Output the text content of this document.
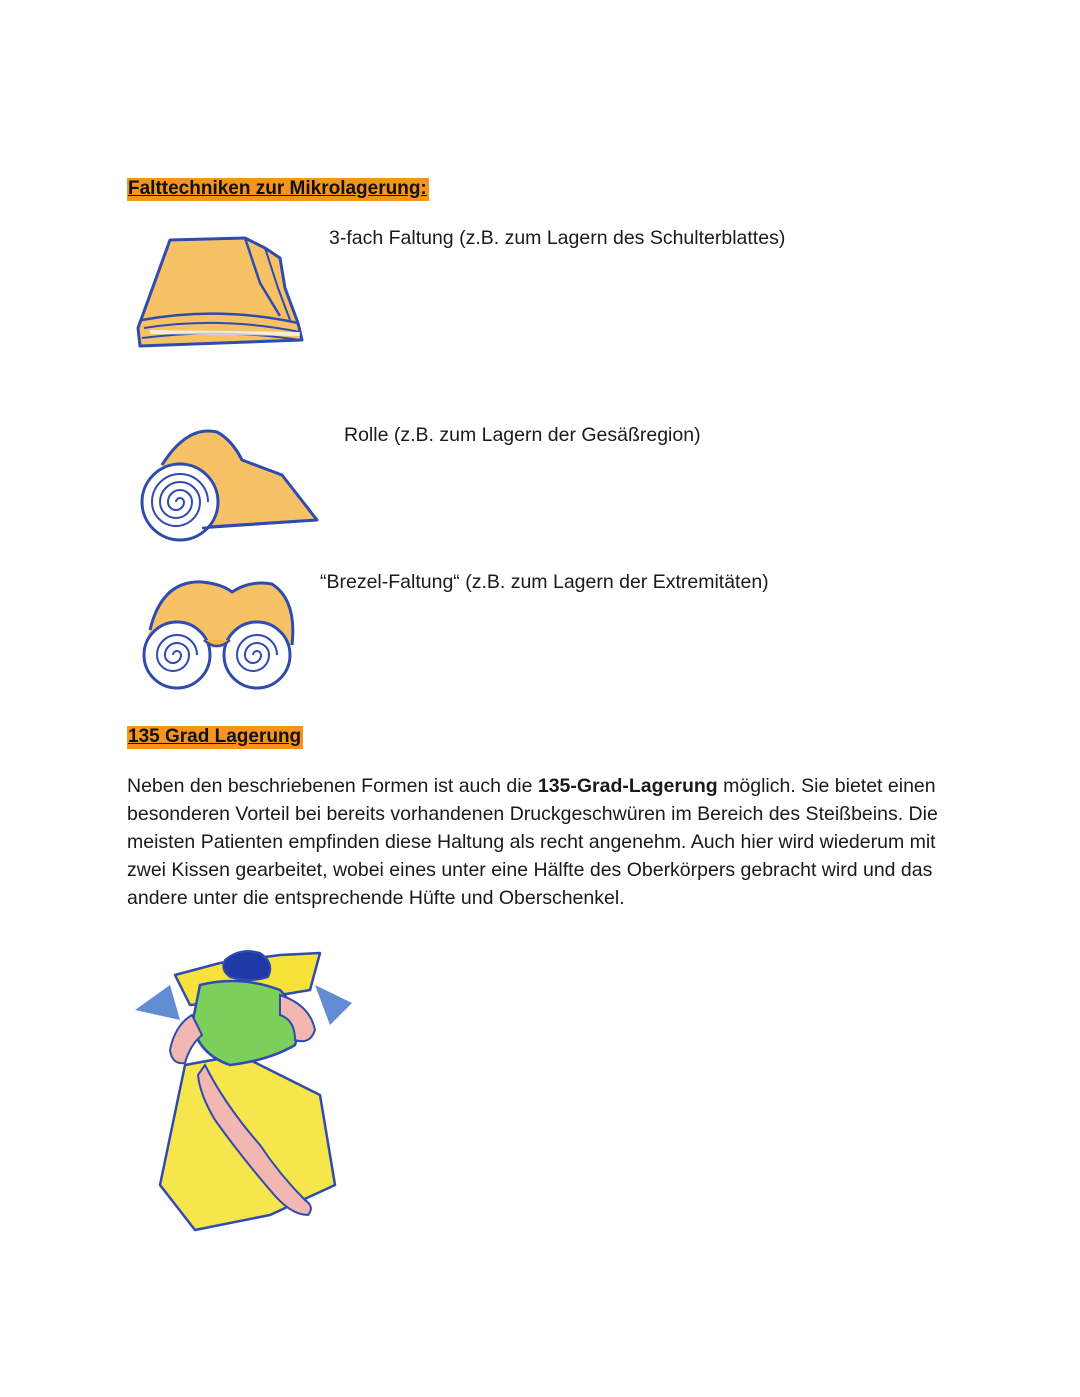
Falttechniken zur Mikrolagerung:
3-fach Faltung (z.B. zum Lagern des Schulterblattes)
Rolle (z.B. zum Lagern der Gesäßregion)
“Brezel-Faltung“ (z.B. zum Lagern der Extremitäten)
135 Grad Lagerung
Neben den beschriebenen Formen ist auch die 135-Grad-Lagerung möglich. Sie bietet einen besonderen Vorteil bei bereits vorhandenen Druckgeschwüren im Bereich des Steißbeins. Die meisten Patienten empfinden diese Haltung als recht angenehm. Auch hier wird wiederum mit zwei Kissen gearbeitet, wobei eines unter eine Hälfte des Oberkörpers gebracht wird und das andere unter die entsprechende Hüfte und Oberschenkel.
